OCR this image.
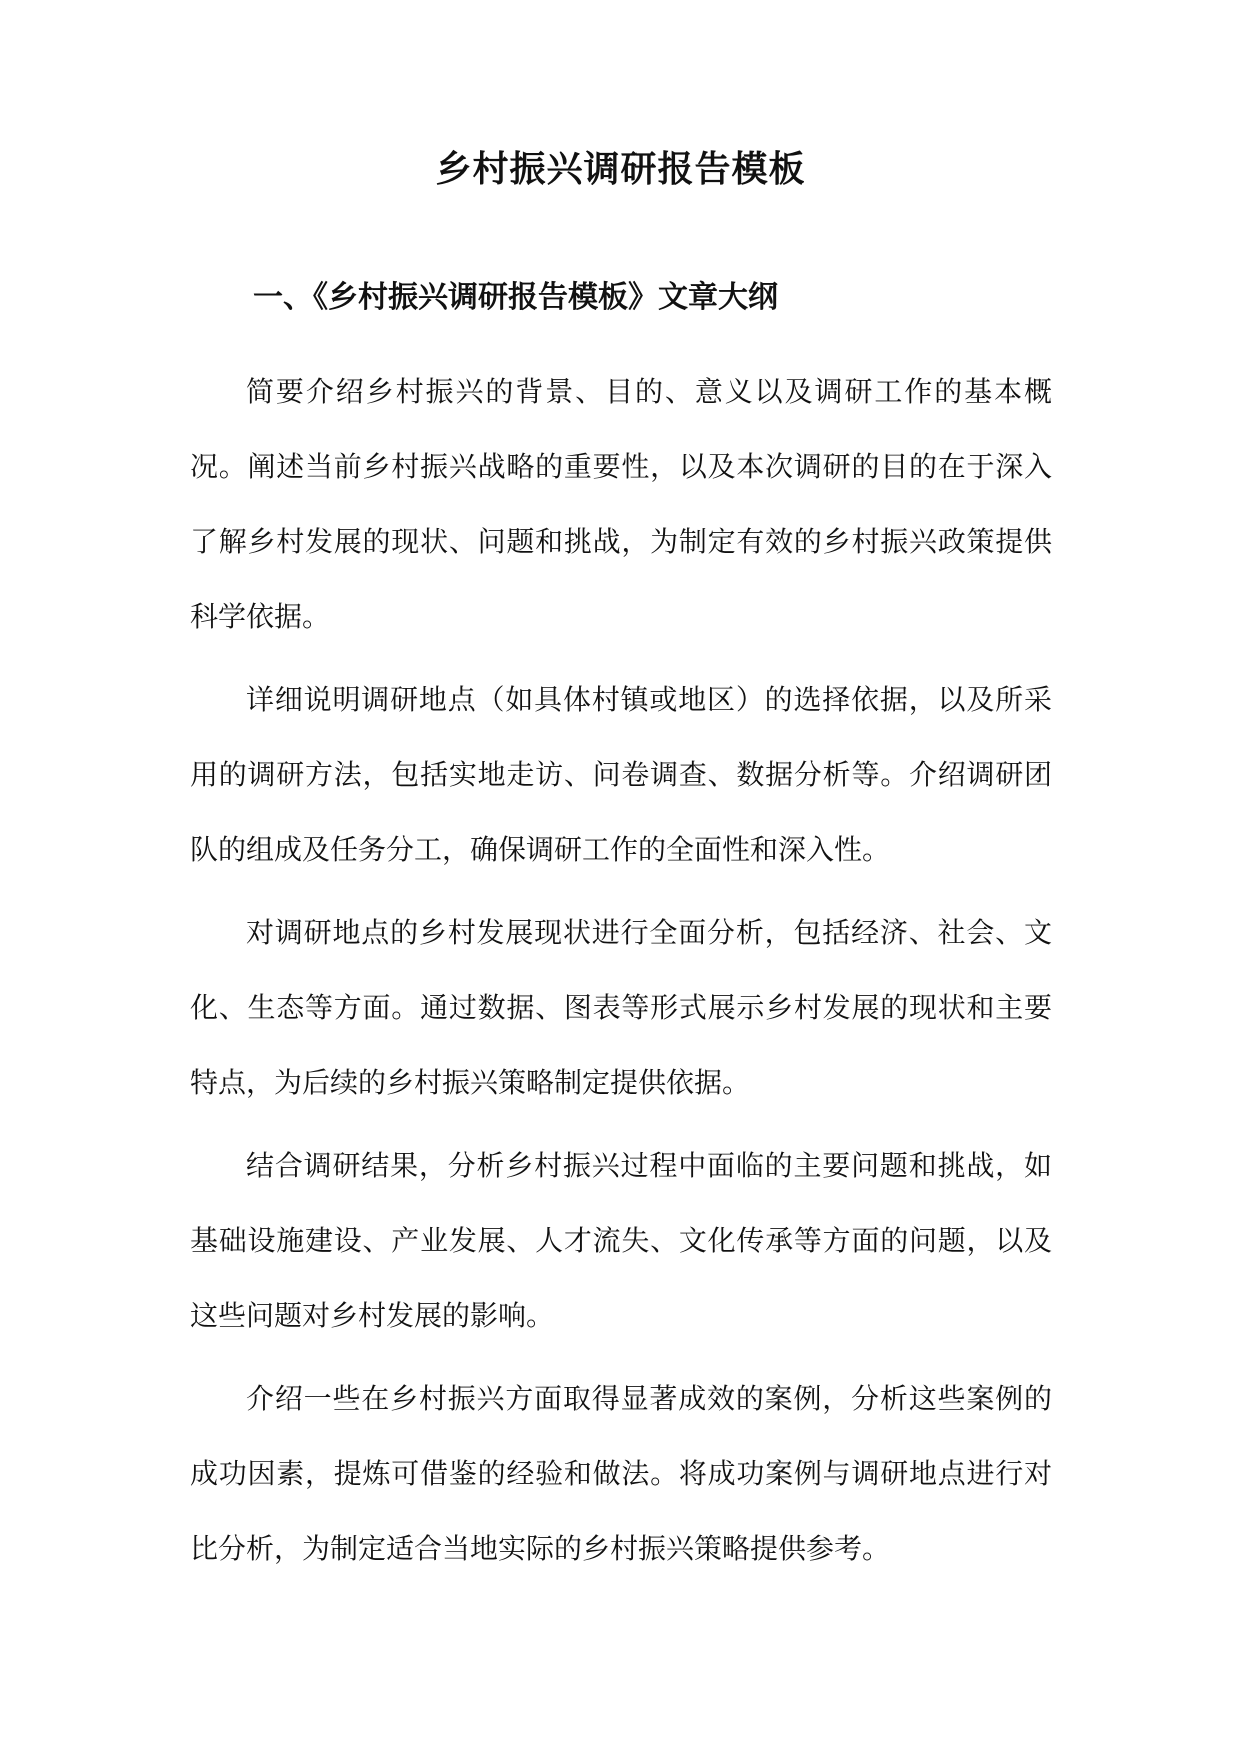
乡村振兴调研报告模板
一、《乡村振兴调研报告模板》文章大纲

简要介绍乡村振兴的背景、目的、意义以及调研工作的基本概况。阐述当前乡村振兴战略的重要性，以及本次调研的目的在于深入了解乡村发展的现状、问题和挑战，为制定有效的乡村振兴政策提供科学依据。

详细说明调研地点（如具体村镇或地区）的选择依据，以及所采用的调研方法，包括实地走访、问卷调查、数据分析等。介绍调研团队的组成及任务分工，确保调研工作的全面性和深入性。

对调研地点的乡村发展现状进行全面分析，包括经济、社会、文化、生态等方面。通过数据、图表等形式展示乡村发展的现状和主要特点，为后续的乡村振兴策略制定提供依据。

结合调研结果，分析乡村振兴过程中面临的主要问题和挑战，如基础设施建设、产业发展、人才流失、文化传承等方面的问题，以及这些问题对乡村发展的影响。

介绍一些在乡村振兴方面取得显著成效的案例，分析这些案例的成功因素，提炼可借鉴的经验和做法。将成功案例与调研地点进行对比分析，为制定适合当地实际的乡村振兴策略提供参考。
